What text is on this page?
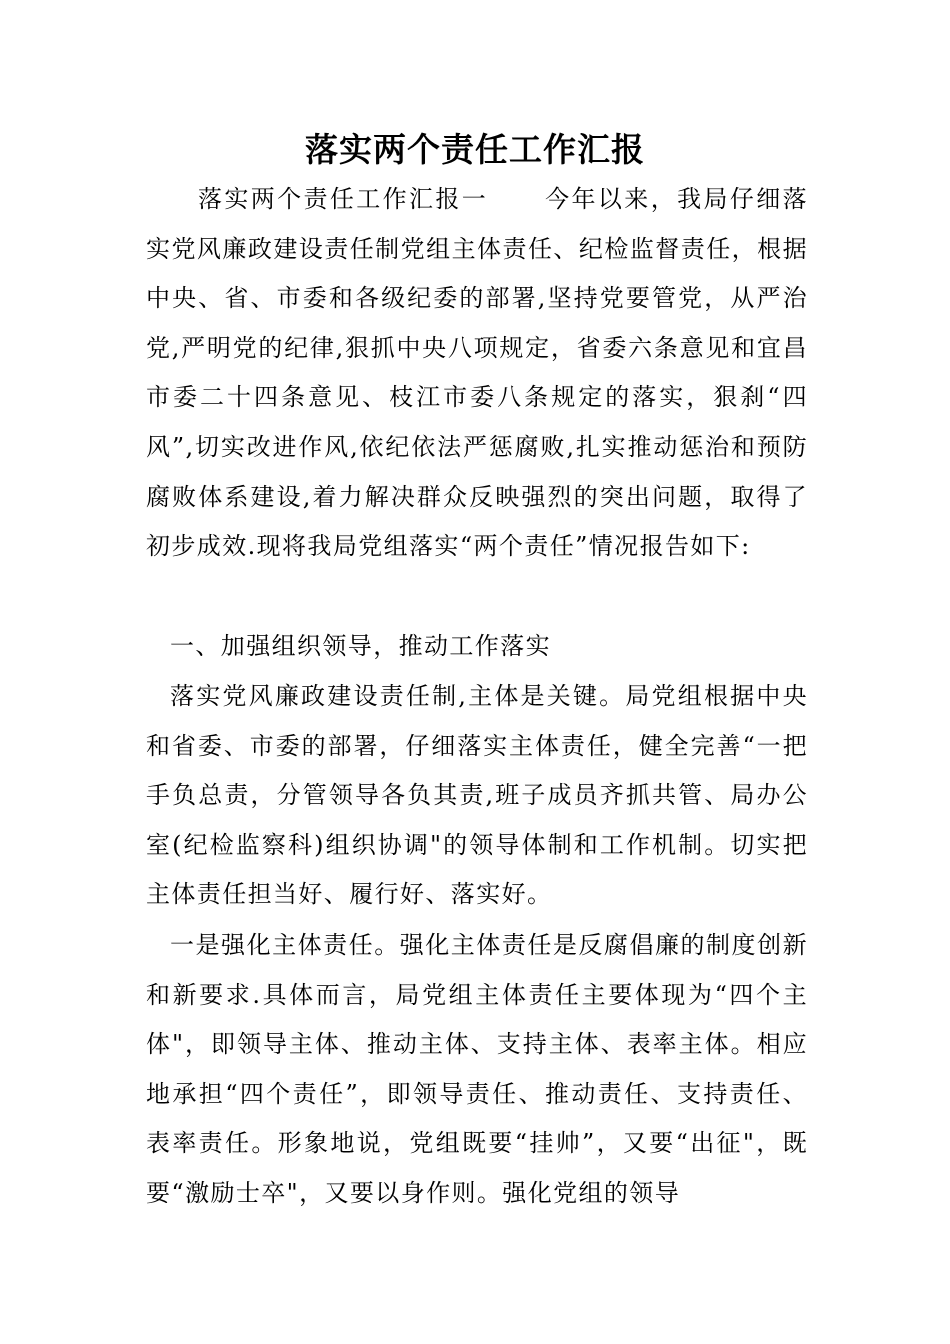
落实两个责任工作汇报

落实两个责任工作汇报一 今年以来，我局仔细落实党风廉政建设责任制党组主体责任、纪检监督责任，根据中央、省、市委和各级纪委的部署,坚持党要管党，从严治党,严明党的纪律,狠抓中央八项规定，省委六条意见和宜昌市委二十四条意见、枝江市委八条规定的落实，狠刹“四风”,切实改进作风,依纪依法严惩腐败,扎实推动惩治和预防腐败体系建设,着力解决群众反映强烈的突出问题，取得了初步成效.现将我局党组落实“两个责任”情况报告如下:

一、加强组织领导，推动工作落实

落实党风廉政建设责任制,主体是关键。局党组根据中央和省委、市委的部署，仔细落实主体责任，健全完善“一把手负总责，分管领导各负其责,班子成员齐抓共管、局办公室(纪检监察科)组织协调"的领导体制和工作机制。切实把主体责任担当好、履行好、落实好。

一是强化主体责任。强化主体责任是反腐倡廉的制度创新和新要求.具体而言，局党组主体责任主要体现为“四个主体"，即领导主体、推动主体、支持主体、表率主体。相应地承担“四个责任”，即领导责任、推动责任、支持责任、表率责任。形象地说，党组既要“挂帅”，又要“出征"，既要“激励士卒"，又要以身作则。强化党组的领导
